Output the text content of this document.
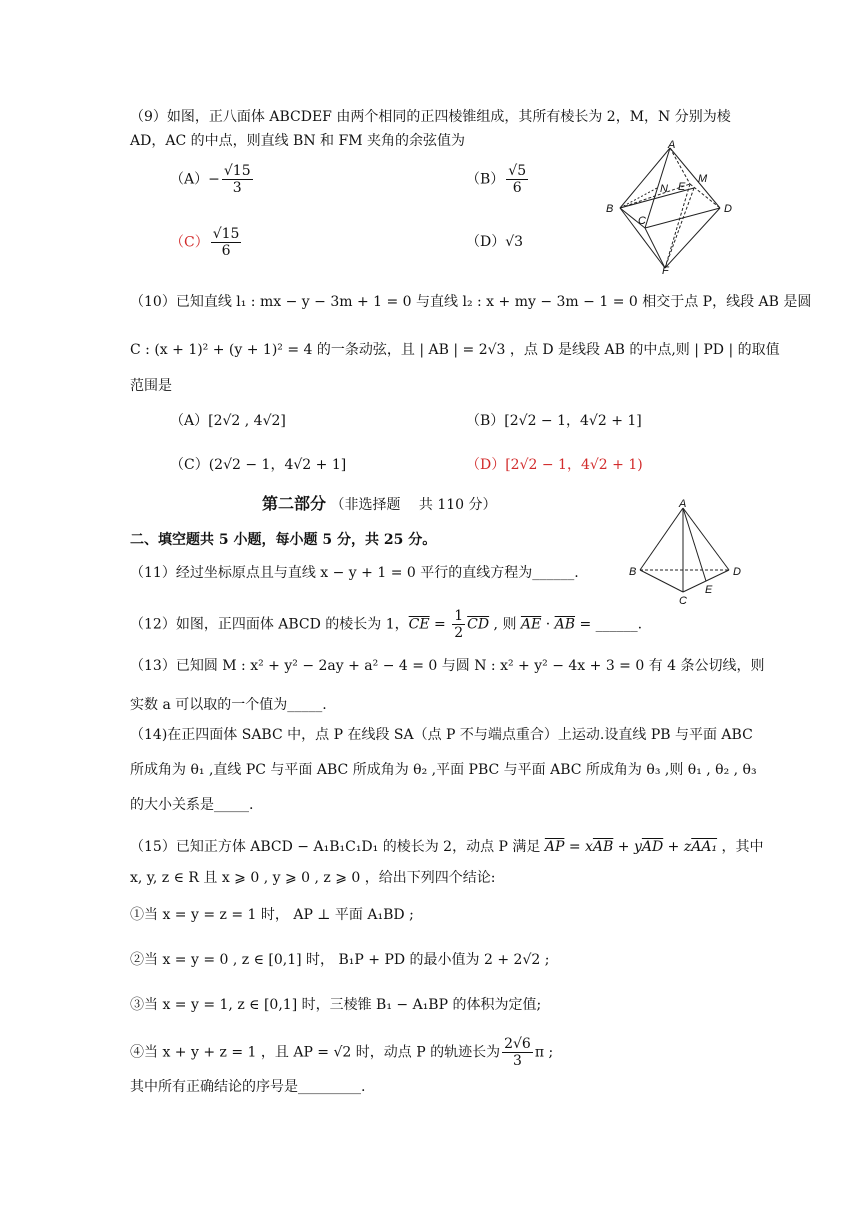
（9）如图，正八面体 ABCDEF 由两个相同的正四棱锥组成，其所有棱长为 2，M，N 分别为棱
AD，AC 的中点，则直线 BN 和 FM 夹角的余弦值为
$(A)- \frac{√15}{3}$	$(B) \frac{√5}{6}$
$(C) \frac{√15}{6}$	（D）√3
A
B
C
D
E
F
M
N
（10）已知直线 l₁ : mx − y − 3m + 1 = 0 与直线 l₂ : x + my − 3m − 1 = 0 相交于点 P，线段 AB 是圆
C : (x + 1)² + (y + 1)² = 4 的一条动弦，且 | AB | = 2√3 ，点 D 是线段 AB 的中点,则 | PD | 的取值
范围是
（A）[2√2 , 4√2]	（B）[2√2 − 1，4√2 + 1]
（C）(2√2 − 1，4√2 + 1]	（D）[2√2 − 1，4√2 + 1)
第二部分 （非选择题　 共 110 分）
二、填空题共 5 小题，每小题 5 分，共 25 分。
A
B
C
D
E
（11）经过坐标原点且与直线 x − y + 1 = 0 平行的直线方程为______.
（12）如图，正四面体 ABCD 的棱长为 1，$\overline{CE} = \frac{1}{2} \overline{CD}$ , 则 $\overline{AE} \cdot \overline{AB}$ = ______.
（13）已知圆 M : x² + y² − 2ay + a² − 4 = 0 与圆 N : x² + y² − 4x + 3 = 0 有 4 条公切线，则
实数 a 可以取的一个值为_____.
（14)在正四面体 SABC 中，点 P 在线段 SA（点 P 不与端点重合）上运动.设直线 PB 与平面 ABC
所成角为 θ₁ ,直线 PC 与平面 ABC 所成角为 θ₂ ,平面 PBC 与平面 ABC 所成角为 θ₃ ,则 θ₁ , θ₂ , θ₃
的大小关系是_____.
（15）已知正方体 ABCD − A₁B₁C₁D₁ 的棱长为 2，动点 P 满足 $\overline{AP} = x\overline{AB} + y\overline{AD} + zAA_1$ ，其中
x, y, z ∈ R 且 x ⩾ 0 , y ⩾ 0 , z ⩾ 0 ，给出下列四个结论:
①当 x = y = z = 1 时， AP ⊥ 平面 A₁BD ;
②当 x = y = 0 , z ∈ [0,1] 时， B₁P + PD 的最小值为 2 + 2√2 ;
③当 x = y = 1, z ∈ [0,1] 时，三棱锥 B₁ − A₁BP 的体积为定值;
④当 x + y + z = 1 ，且 AP = √2 时，动点 P 的轨迹长为 $\frac{2√6}{3}$ π ;
其中所有正确结论的序号是_________.
